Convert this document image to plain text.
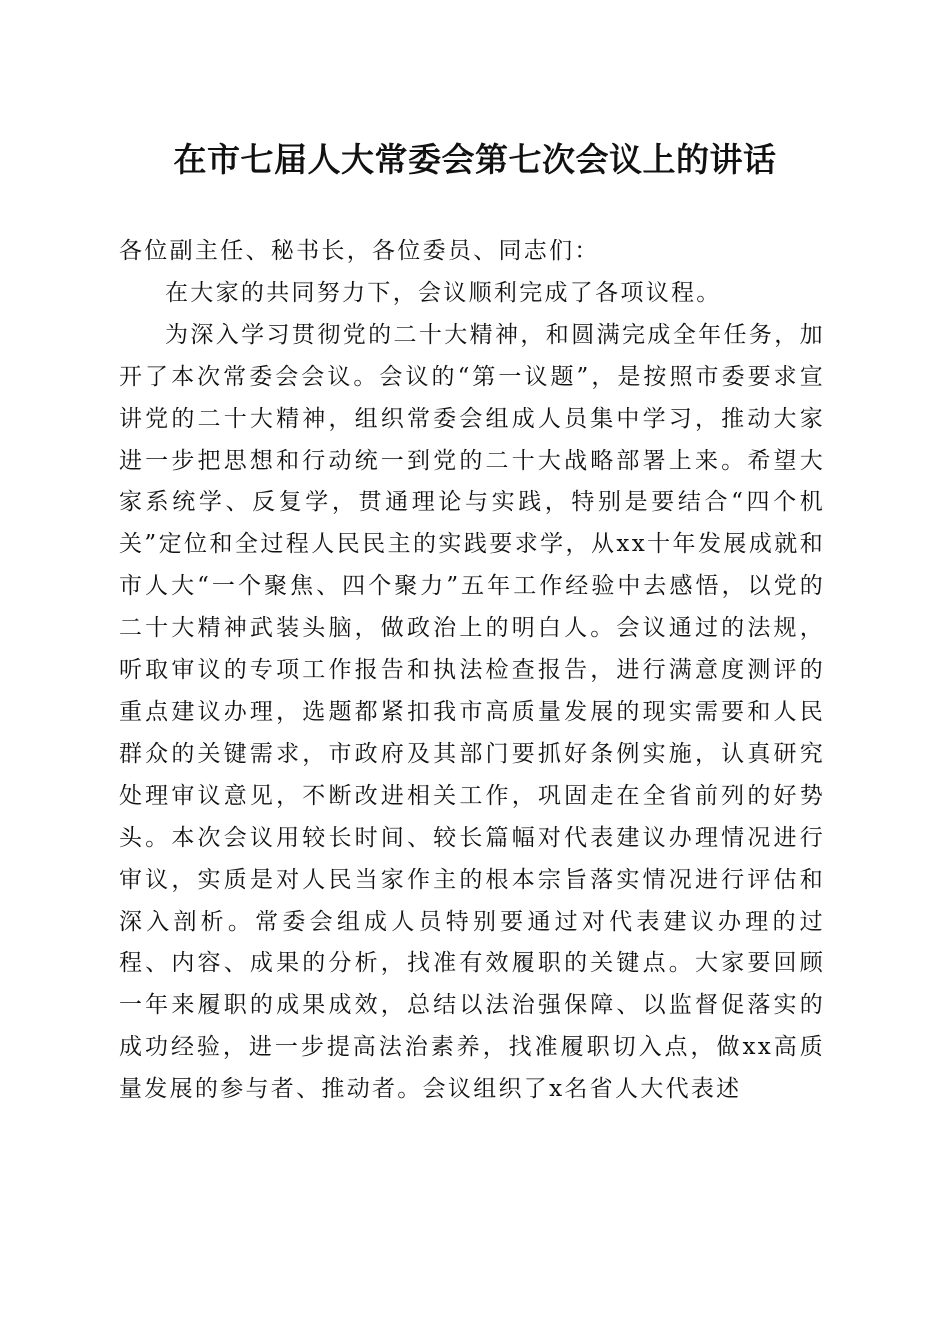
在市七届人大常委会第七次会议上的讲话

各位副主任、秘书长，各位委员、同志们：

在大家的共同努力下，会议顺利完成了各项议程。

为深入学习贯彻党的二十大精神，和圆满完成全年任务，加开了本次常委会会议。会议的“第一议题”，是按照市委要求宣讲党的二十大精神，组织常委会组成人员集中学习，推动大家进一步把思想和行动统一到党的二十大战略部署上来。希望大家系统学、反复学，贯通理论与实践，特别是要结合“四个机关”定位和全过程人民民主的实践要求学，从xx十年发展成就和市人大“一个聚焦、四个聚力”五年工作经验中去感悟，以党的二十大精神武装头脑，做政治上的明白人。会议通过的法规，听取审议的专项工作报告和执法检查报告，进行满意度测评的重点建议办理，选题都紧扣我市高质量发展的现实需要和人民群众的关键需求，市政府及其部门要抓好条例实施，认真研究处理审议意见，不断改进相关工作，巩固走在全省前列的好势头。本次会议用较长时间、较长篇幅对代表建议办理情况进行审议，实质是对人民当家作主的根本宗旨落实情况进行评估和深入剖析。常委会组成人员特别要通过对代表建议办理的过程、内容、成果的分析，找准有效履职的关键点。大家要回顾一年来履职的成果成效，总结以法治强保障、以监督促落实的成功经验，进一步提高法治素养，找准履职切入点，做xx高质量发展的参与者、推动者。会议组织了x名省人大代表述
